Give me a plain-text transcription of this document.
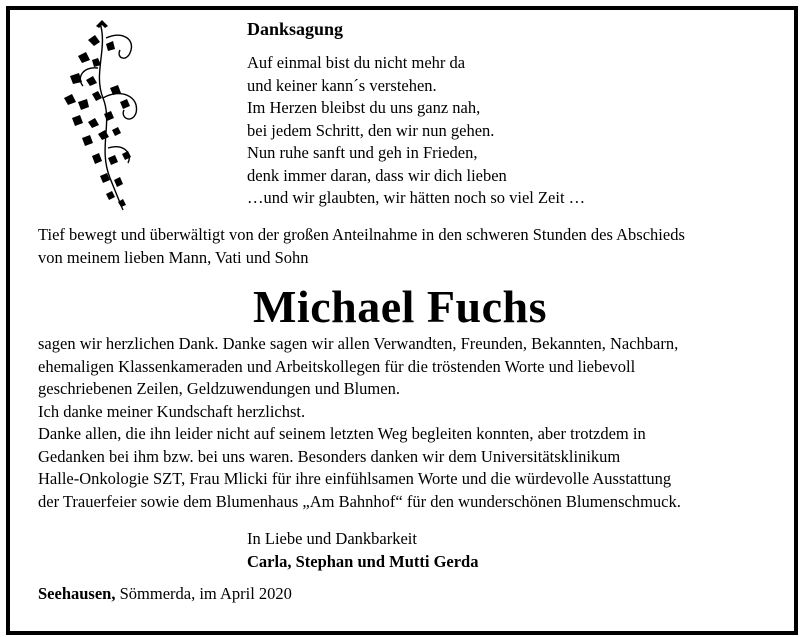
Danksagung
Auf einmal bist du nicht mehr da
und keiner kann´s verstehen.
Im Herzen bleibst du uns ganz nah,
bei jedem Schritt, den wir nun gehen.
Nun ruhe sanft und geh in Frieden,
denk immer daran, dass wir dich lieben
…und wir glaubten, wir hätten noch so viel Zeit …
Tief bewegt und überwältigt von der großen Anteilnahme in den schweren Stunden des Abschieds
von meinem lieben Mann, Vati und Sohn
Michael Fuchs
sagen wir herzlichen Dank. Danke sagen wir allen Verwandten, Freunden, Bekannten, Nachbarn,
ehemaligen Klassenkameraden und Arbeitskollegen für die tröstenden Worte und liebevoll
geschriebenen Zeilen, Geldzuwendungen und Blumen.
Ich danke meiner Kundschaft herzlichst.
Danke allen, die ihn leider nicht auf seinem letzten Weg begleiten konnten, aber trotzdem in
Gedanken bei ihm bzw. bei uns waren. Besonders danken wir dem Universitätsklinikum
Halle-Onkologie SZT, Frau Mlicki für ihre einfühlsamen Worte und die würdevolle Ausstattung
der Trauerfeier sowie dem Blumenhaus „Am Bahnhof“ für den wunderschönen Blumenschmuck.
In Liebe und Dankbarkeit
Carla, Stephan und Mutti Gerda
Seehausen, Sömmerda, im April 2020
